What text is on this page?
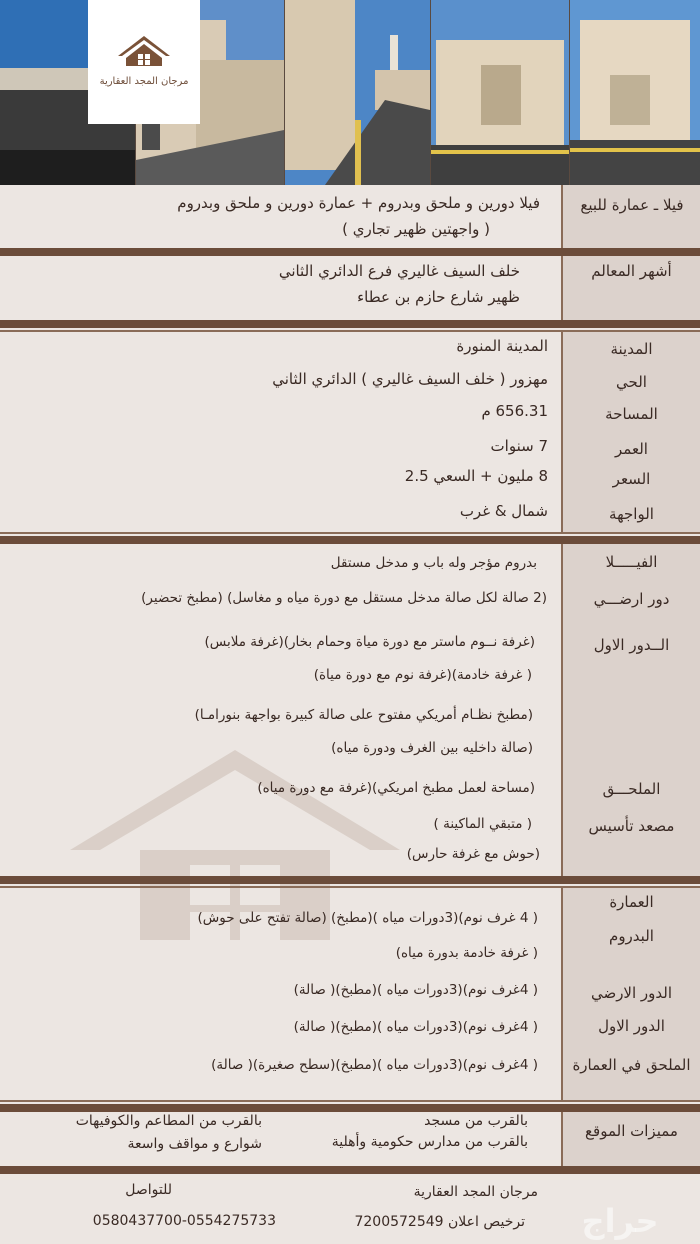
مرجان المجد العقارية
فيلا ـ عمارة للبيع
فيلا دورين و ملحق وبدروم + عمارة دورين و ملحق وبدروم
( واجهتين ظهير تجاري )
أشهر المعالم
خلف السيف غاليري فرع الدائري الثاني
ظهير شارع حازم بن عطاء
المدينة
المدينة المنورة
الحي
مهزور ( خلف السيف غاليري ) الدائري الثاني
المساحة
656.31 م
العمر
7 سنوات
السعر
8 مليون + السعي 2.5
الواجهة
شمال & غرب
الفيـــــلا
دور ارضـــي
الــدور الاول
الملحـــق
مصعد تأسيس
بدروم مؤجر وله باب و مدخل مستقل
(2 صالة لكل صالة مدخل مستقل مع دورة مياه و مغاسل) (مطبخ تحضير)
(غرفة نــوم ماستر مع دورة مياة وحمام بخار)(غرفة ملابس)
( غرفة خادمة)(غرفة نوم مع دورة مياة)
(مطبخ نظـام أمريكي مفتوح على صالة كبيرة بواجهة بنورامـا)
(صالة داخليه بين الغرف ودورة مياه)
(مساحة لعمل مطبخ امريكي)(غرفة مع دورة مياه)
( متبقي الماكينة )
(حوش مع غرفة حارس)
العمارة
البدروم
الدور الارضي
الدور الاول
الملحق في العمارة
( 4 غرف نوم)(3دورات مياه )(مطبخ) (صالة تفتح على حوش)
( غرفة خادمة بدورة مياه)
( 4غرف نوم)(3دورات مياه )(مطبخ)( صالة)
( 4غرف نوم)(3دورات مياه )(مطبخ)( صالة)
( 4غرف نوم)(3دورات مياه )(مطبخ)(سطح صغيرة)( صالة)
مميزات الموقع
بالقرب من مسجد
بالقرب من مدارس حكومية وأهلية
بالقرب من المطاعم والكوفيهات
شوارع و مواقف واسعة
للتواصل
0580437700-0554275733
مرجان المجد العقارية
ترخيص اعلان 7200572549 حراج
